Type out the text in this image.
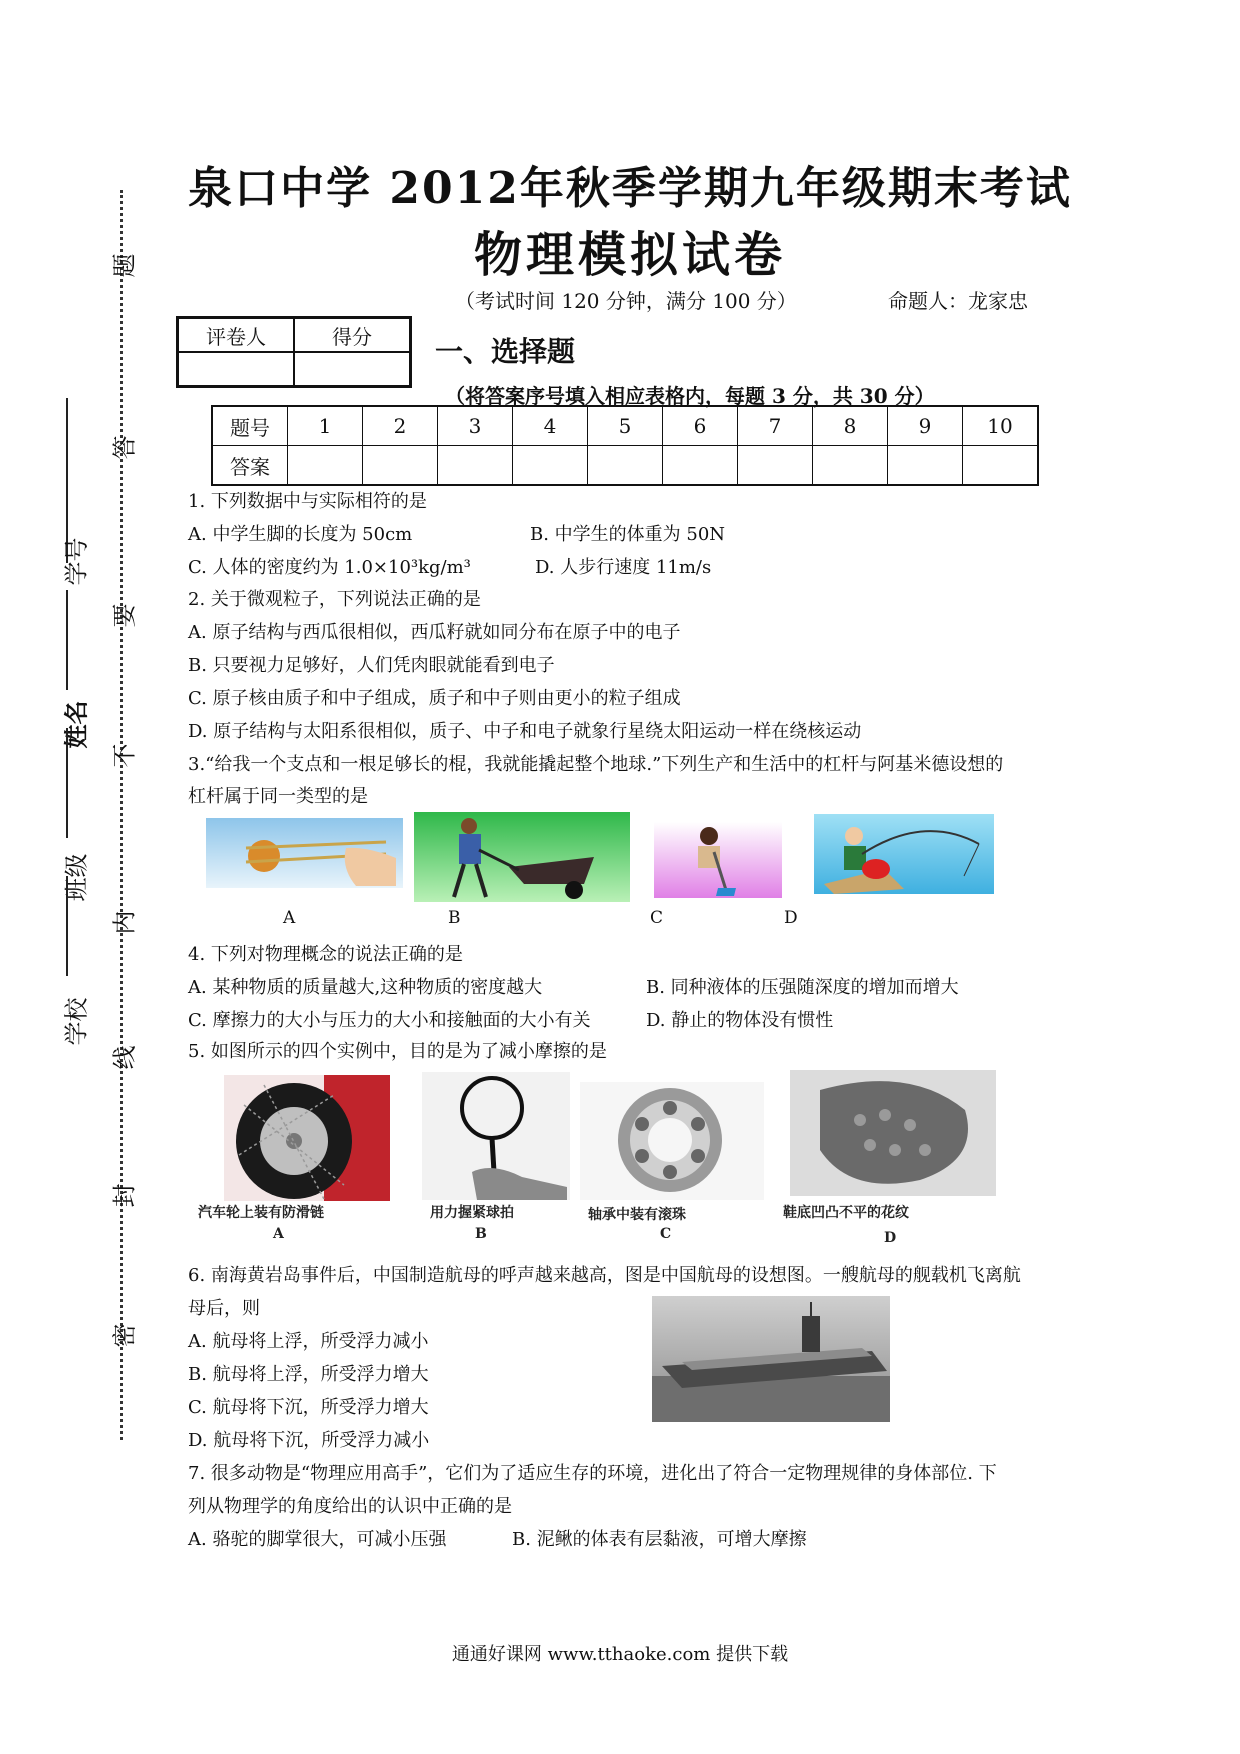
题
答
要
不
内
线
封
密
学号
姓名
班级
学校
泉口中学 2012年秋季学期九年级期末考试
物理模拟试卷
（考试时间 120 分钟，满分 100 分）	命题人：龙家忠
评卷人	得分
	一、选择题
（将答案序号填入相应表格内，每题 3 分，共 30 分）
题号	1	2	3	4	5	6	7	8	9	10
答案										
1. 下列数据中与实际相符的是
A. 中学生脚的长度为 50cm	B. 中学生的体重为 50N
C. 人体的密度约为 1.0×10³kg/m³	D. 人步行速度 11m/s
2. 关于微观粒子，下列说法正确的是
A. 原子结构与西瓜很相似，西瓜籽就如同分布在原子中的电子
B. 只要视力足够好，人们凭肉眼就能看到电子
C. 原子核由质子和中子组成，质子和中子则由更小的粒子组成
D. 原子结构与太阳系很相似，质子、中子和电子就象行星绕太阳运动一样在绕核运动
3.“给我一个支点和一根足够长的棍，我就能撬起整个地球.”下列生产和生活中的杠杆与阿基米德设想的
杠杆属于同一类型的是
A	B	C	D
4. 下列对物理概念的说法正确的是
A. 某种物质的质量越大,这种物质的密度越大	B. 同种液体的压强随深度的增加而增大
C. 摩擦力的大小与压力的大小和接触面的大小有关	D. 静止的物体没有惯性
5. 如图所示的四个实例中，目的是为了减小摩擦的是
汽车轮上装有防滑链	用力握紧球拍	轴承中装有滚珠	鞋底凹凸不平的花纹
A	B	C	D
6. 南海黄岩岛事件后，中国制造航母的呼声越来越高，图是中国航母的设想图。一艘航母的舰载机飞离航
母后，则
A. 航母将上浮，所受浮力减小
B. 航母将上浮，所受浮力增大
C. 航母将下沉，所受浮力增大
D. 航母将下沉，所受浮力减小
7. 很多动物是“物理应用高手”，它们为了适应生存的环境，进化出了符合一定物理规律的身体部位. 下
列从物理学的角度给出的认识中正确的是
A. 骆驼的脚掌很大，可减小压强	B. 泥鳅的体表有层黏液，可增大摩擦
通通好课网 www.tthaoke.com 提供下载
